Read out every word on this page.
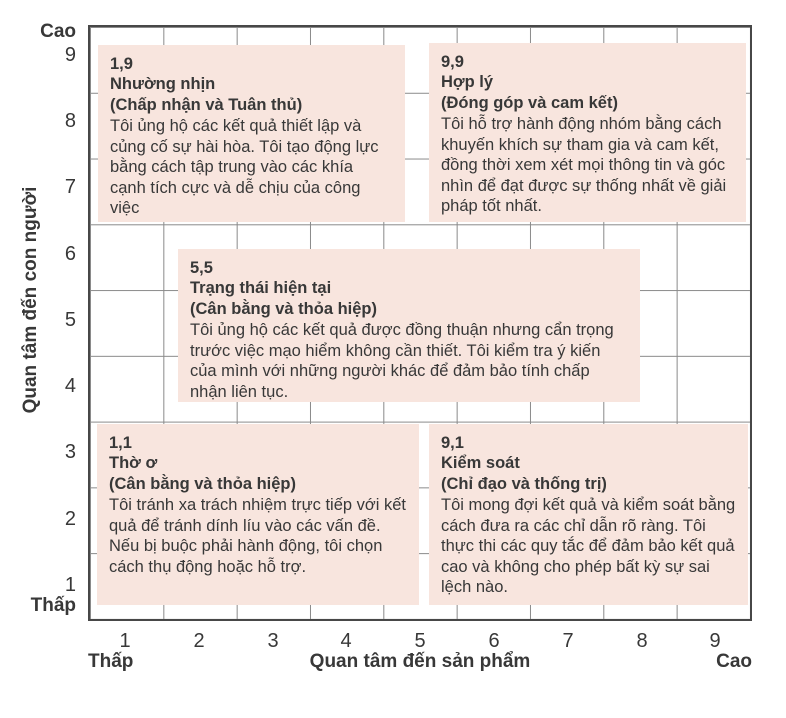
Cao
9
8
7
6
5
4
3
2
1
Thấp
Quan tâm đến con người
1,9
Nhường nhịn
(Chấp nhận và Tuân thủ)
Tôi ủng hộ các kết quả thiết lập và củng cố sự hài hòa. Tôi tạo động lực bằng cách tập trung vào các khía cạnh tích cực và dễ chịu của công việc
9,9
Hợp lý
(Đóng góp và cam kết)
Tôi hỗ trợ hành động nhóm bằng cách khuyến khích sự tham gia và cam kết, đồng thời xem xét mọi thông tin và góc nhìn để đạt được sự thống nhất về giải pháp tốt nhất.
5,5
Trạng thái hiện tại
(Cân bằng và thỏa hiệp)
Tôi ủng hộ các kết quả được đồng thuận nhưng cẩn trọng trước việc mạo hiểm không cần thiết. Tôi kiểm tra ý kiến của mình với những người khác để đảm bảo tính chấp nhận liên tục.
1,1
Thờ ơ
(Cân bằng và thỏa hiệp)
Tôi tránh xa trách nhiệm trực tiếp với kết quả để tránh dính líu vào các vấn đề. Nếu bị buộc phải hành động, tôi chọn cách thụ động hoặc hỗ trợ.
9,1
Kiểm soát
(Chỉ đạo và thống trị)
Tôi mong đợi kết quả và kiểm soát bằng cách đưa ra các chỉ dẫn rõ ràng. Tôi thực thi các quy tắc để đảm bảo kết quả cao và không cho phép bất kỳ sự sai lệch nào.
1	2	3	4	5	6	7	8	9
Thấp	Quan tâm đến sản phẩm	Cao
